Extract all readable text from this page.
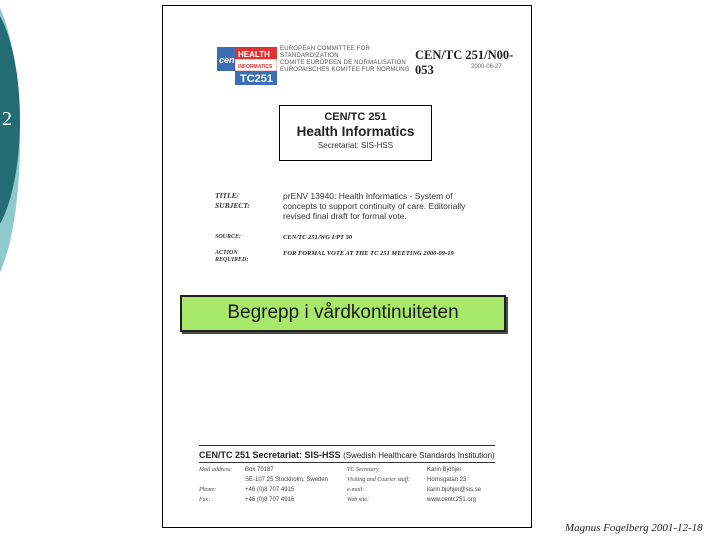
2
cen
HEALTH
INFORMATICS
TC251
EUROPEAN COMMITTEE FOR STANDARDIZATION
COMITE EUROPEEN DE NORMALISATION
EUROPAISCHES KOMITEE FUR NORMUNG
CEN/TC 251/N00-053	2000-06-27
CEN/TC 251
Health Informatics
Secretariat: SIS-HSS
TITLE/
SUBJECT:
prENV 13940: Health Informatics - System of concepts to support continuity of care. Editorially revised final draft for formal vote.
SOURCE:	CEN/TC 251/WG I/PT 30
ACTION REQUIRED:
FOR FORMAL VOTE AT THE TC 251 MEETING 2000-09-19
Begrepp i vårdkontinuiteten
CEN/TC 251 Secretariat: SIS-HSS (Swedish Healthcare Standards Institution)
Mail address: Box 70187	TC Secretary	Karin Bjöhjer
SE-107 25 Stockholm, Sweden	Visiting and Courier stuff:	Hornsgatan 23
Phone:	+46 (0)8 707 4915	e-mail:	karin.bjohjer@sis.se
Fax:	+46 (0)8 707 4916	Web site:	www.centc251.org
Magnus Fogelberg 2001-12-18
